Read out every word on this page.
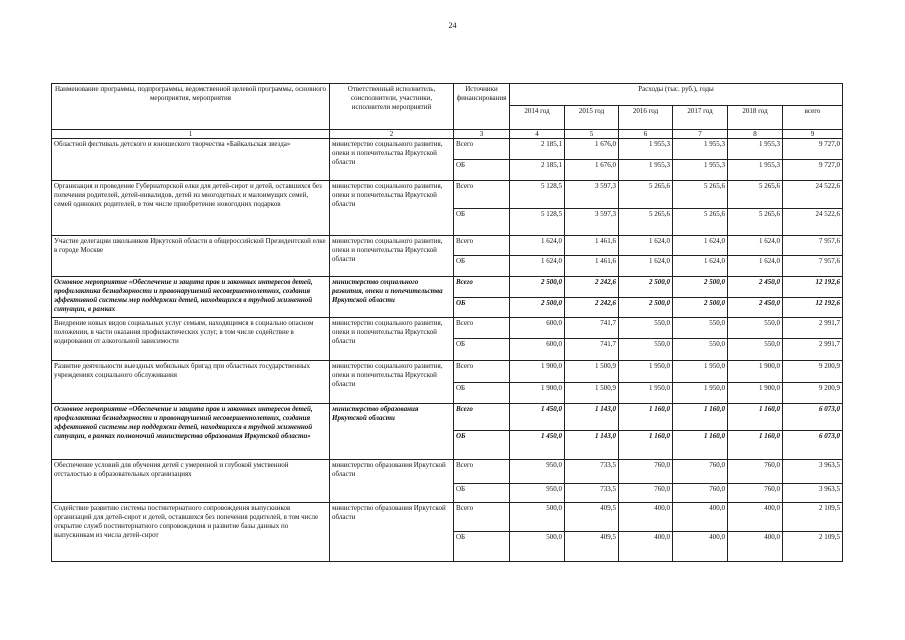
24
Наименование программы, подпрограммы, ведомственной целевой программы, основного мероприятия, мероприятия	Ответственный исполнитель, соисполнители, участники, исполнители мероприятий	Источники финансирования	Расходы (тыс. руб.), годы					
			2014 год	2015 год	2016 год	2017 год	2018 год	всего
1	2	3	4	5	6	7	8	9
Областной фестиваль детского и юношеского творчества «Байкальская звезда»	министерство социального развития, опеки и попечительства Иркутской области	Всего	2 185,1	1 676,0	1 955,3	1 955,3	1 955,3	9 727,0
		ОБ	2 185,1	1 676,0	1 955,3	1 955,3	1 955,3	9 727,0
Организация и проведение Губернаторской елки для детей-сирот и детей, оставшихся без попечения родителей, детей-инвалидов, детей из многодетных и малоимущих семей, семей одиноких родителей, в том числе приобретение новогодних подарков	министерство социального развития, опеки и попечительства Иркутской области	Всего	5 128,5	3 597,3	5 265,6	5 265,6	5 265,6	24 522,6
		ОБ	5 128,5	3 597,3	5 265,6	5 265,6	5 265,6	24 522,6
Участие делегации школьников Иркутской области в общероссийской Президентской елке в городе Москве	министерство социального развития, опеки и попечительства Иркутской области	Всего	1 624,0	1 461,6	1 624,0	1 624,0	1 624,0	7 957,6
		ОБ	1 624,0	1 461,6	1 624,0	1 624,0	1 624,0	7 957,6
Основное мероприятие «Обеспечение и защита прав и законных интересов детей, профилактика безнадзорности и правонарушений несовершеннолетних, создания эффективной системы мер поддержки детей, находящихся в трудной жизненной ситуации, в рамках	министерство социального развития, опеки и попечительства Иркутской области	Всего	2 500,0	2 242,6	2 500,0	2 500,0	2 450,0	12 192,6
		ОБ	2 500,0	2 242,6	2 500,0	2 500,0	2 450,0	12 192,6
Внедрение новых видов социальных услуг семьям, находящимся в социально опасном положении, в части оказания профилактических услуг, в том числе содействие в кодировании от алкогольной зависимости	министерство социального развития, опеки и попечительства Иркутской области	Всего	600,0	741,7	550,0	550,0	550,0	2 991,7
		ОБ	600,0	741,7	550,0	550,0	550,0	2 991,7
Развитие деятельности выездных мобильных бригад при областных государственных учреждениях социального обслуживания	министерство социального развития, опеки и попечительства Иркутской области	Всего	1 900,0	1 500,9	1 950,0	1 950,0	1 900,0	9 200,9
		ОБ	1 900,0	1 500,9	1 950,0	1 950,0	1 900,0	9 200,9
Основное мероприятие «Обеспечение и защита прав и законных интересов детей, профилактика безнадзорности и правонарушений несовершеннолетних, создания эффективной системы мер поддержки детей, находящихся в трудной жизненной ситуации, в рамках полномочий министерства образования Иркутской области»	министерство образования Иркутской области	Всего	1 450,0	1 143,0	1 160,0	1 160,0	1 160,0	6 073,0
		ОБ	1 450,0	1 143,0	1 160,0	1 160,0	1 160,0	6 073,0
Обеспечение условий для обучения детей с умеренной и глубокой умственной отсталостью в образовательных организациях	министерство образования Иркутской области	Всего	950,0	733,5	760,0	760,0	760,0	3 963,5
		ОБ	950,0	733,5	760,0	760,0	760,0	3 963,5
Содействие развитию системы постинтернатного сопровождения выпускников организаций для детей-сирот и детей, оставшихся без попечения родителей, в том числе открытие служб постинтернатного сопровождения и развитие базы данных по выпускникам из числа детей-сирот	министерство образования Иркутской области	Всего	500,0	409,5	400,0	400,0	400,0	2 109,5
		ОБ	500,0	409,5	400,0	400,0	400,0	2 109,5
